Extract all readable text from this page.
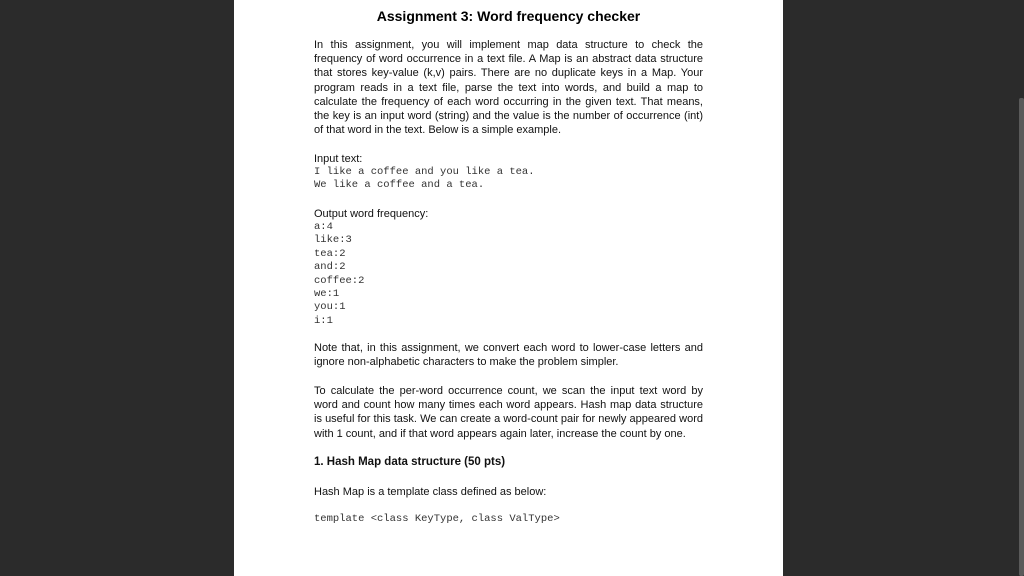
Assignment 3: Word frequency checker

In this assignment, you will implement map data structure to check the frequency of word occurrence in a text file. A Map is an abstract data structure that stores key-value (k,v) pairs. There are no duplicate keys in a Map. Your program reads in a text file, parse the text into words, and build a map to calculate the frequency of each word occurring in the given text. That means, the key is an input word (string) and the value is the number of occurrence (int) of that word in the text. Below is a simple example.

Input text:

I like a coffee and you like a tea.

We like a coffee and a tea.

Output word frequency:

a:4

like:3

tea:2

and:2

coffee:2

we:1

you:1

i:1

Note that, in this assignment, we convert each word to lower-case letters and ignore non-alphabetic characters to make the problem simpler.

To calculate the per-word occurrence count, we scan the input text word by word and count how many times each word appears. Hash map data structure is useful for this task. We can create a word-count pair for newly appeared word with 1 count, and if that word appears again later, increase the count by one.

1. Hash Map data structure (50 pts)

Hash Map is a template class defined as below:

template <class KeyType, class ValType>
